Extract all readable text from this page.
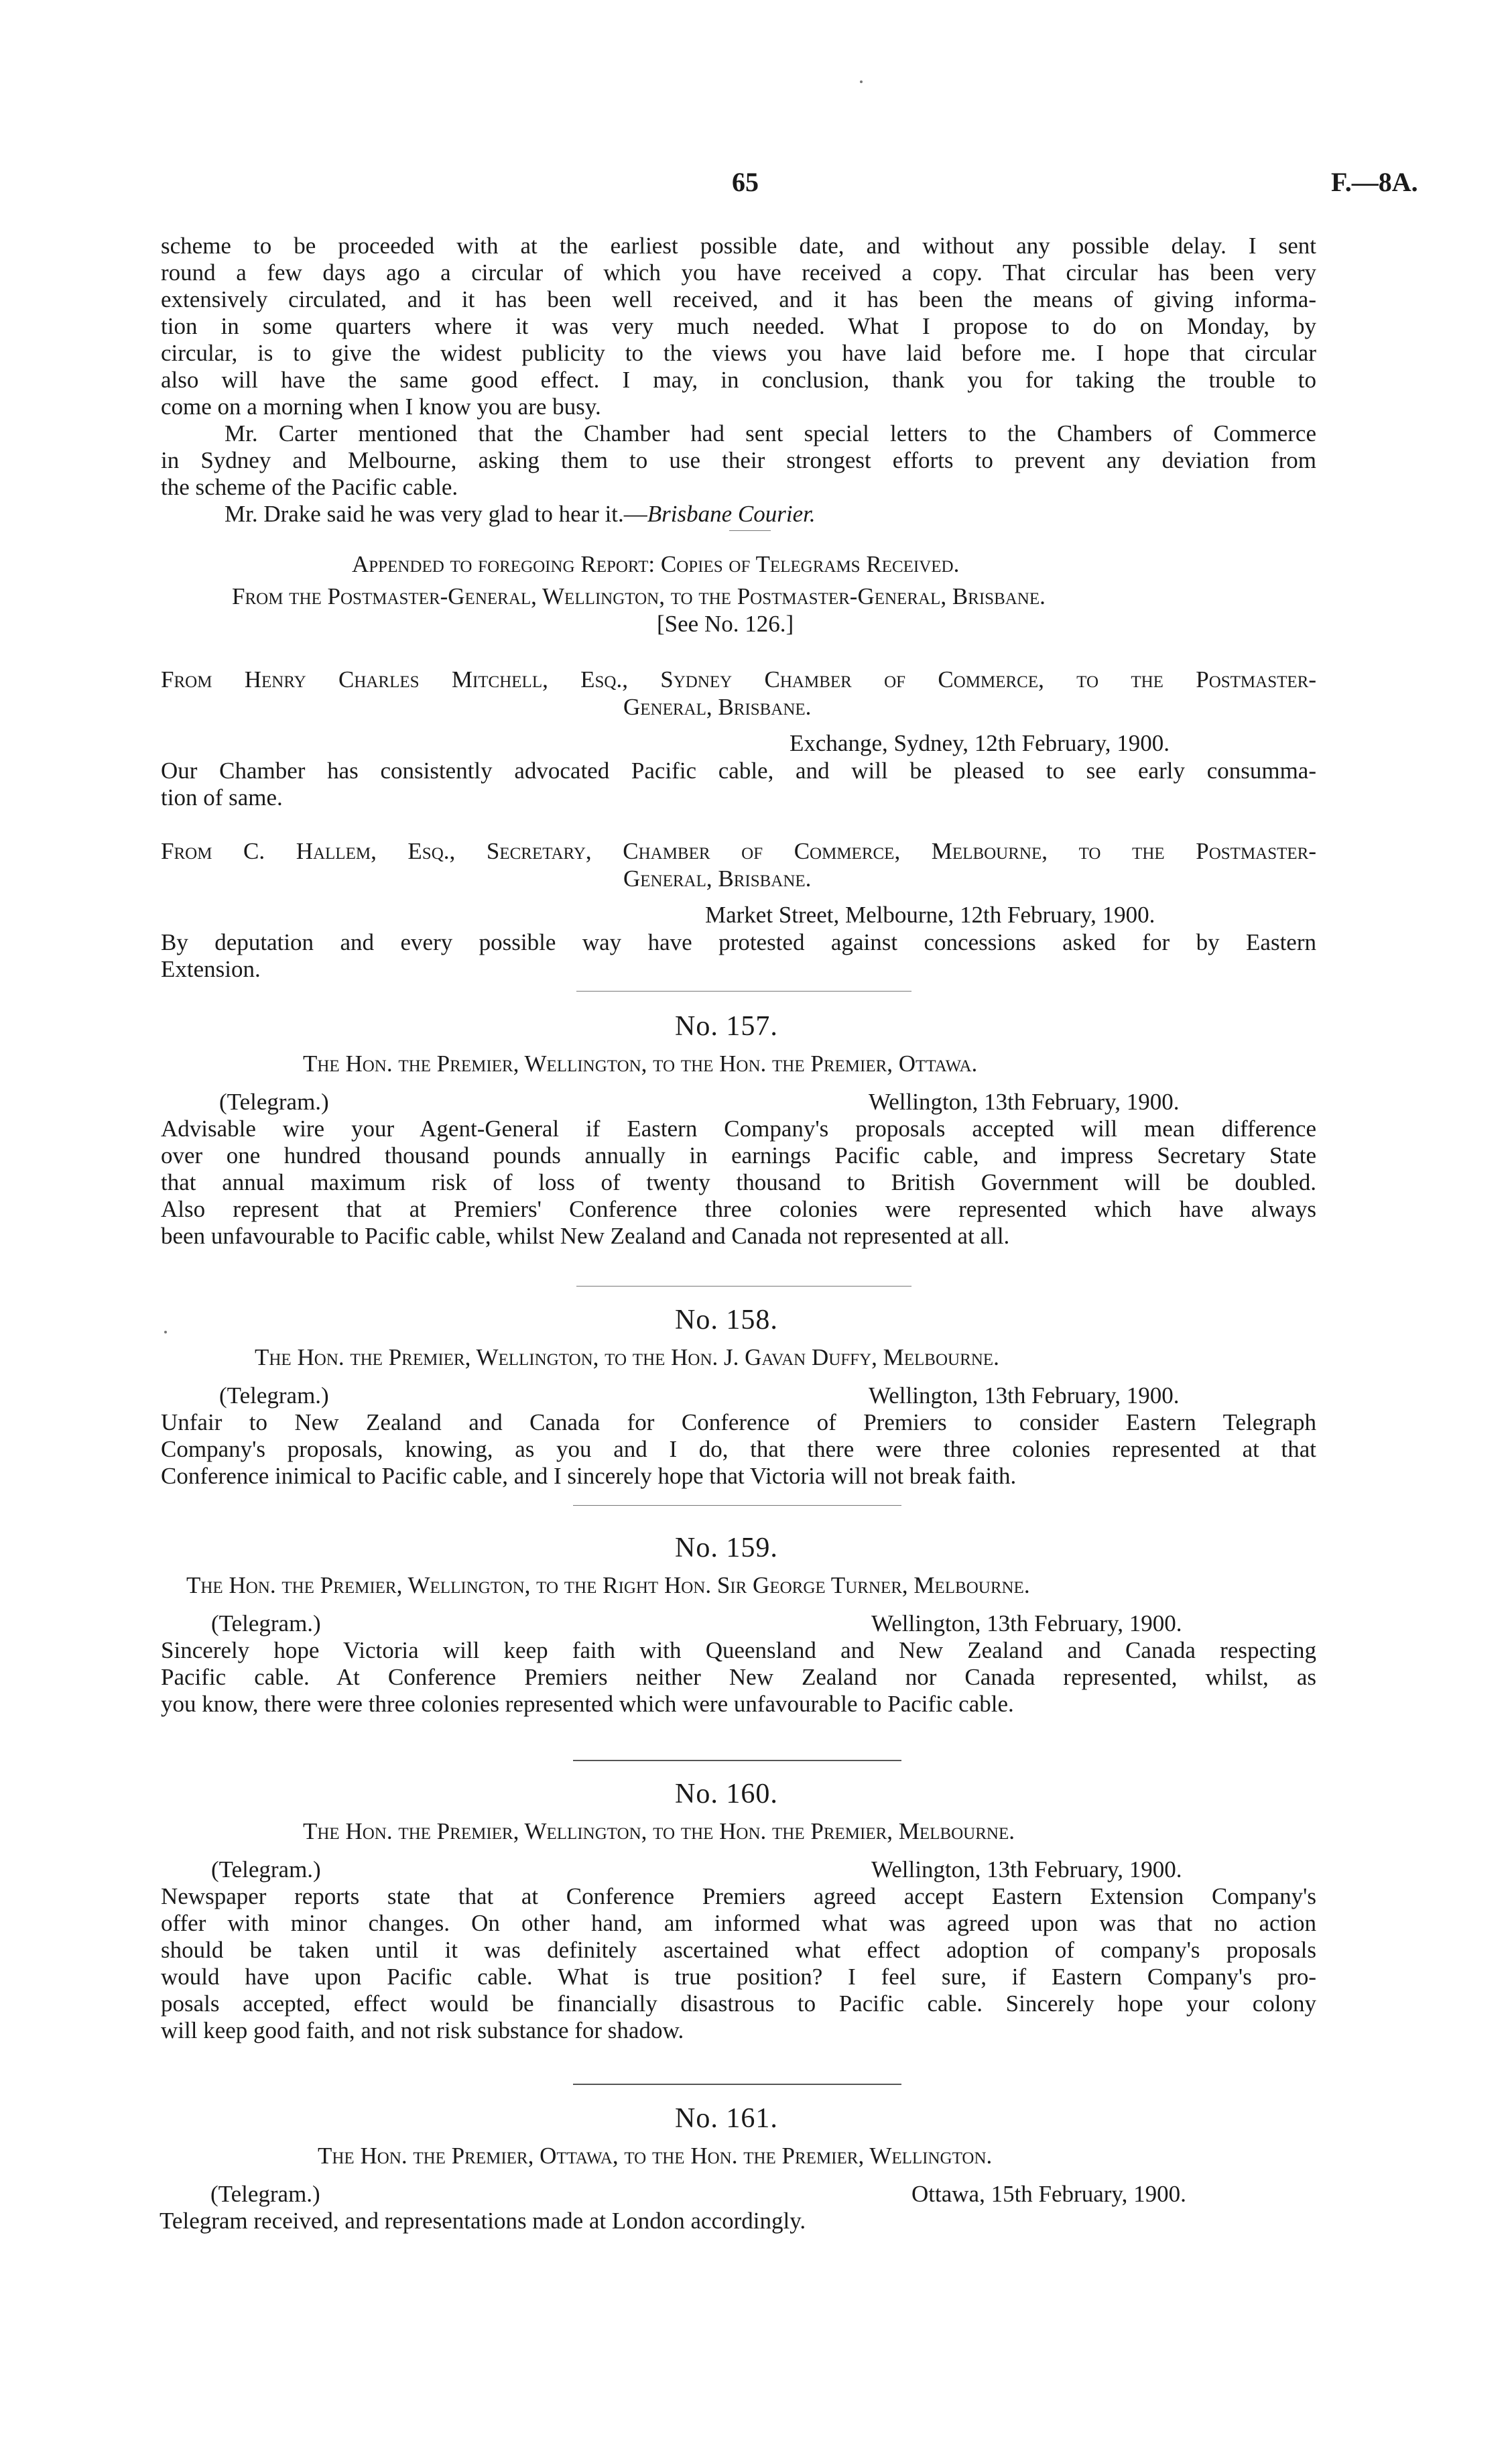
65	F.—8A.
scheme to be proceeded with at the earliest possible date, and without any possible delay. I sent
round a few days ago a circular of which you have received a copy. That circular has been very
extensively circulated, and it has been well received, and it has been the means of giving informa-
tion in some quarters where it was very much needed. What I propose to do on Monday, by
circular, is to give the widest publicity to the views you have laid before me. I hope that circular
also will have the same good effect. I may, in conclusion, thank you for taking the trouble to
come on a morning when I know you are busy.
Mr. Carter mentioned that the Chamber had sent special letters to the Chambers of Commerce
in Sydney and Melbourne, asking them to use their strongest efforts to prevent any deviation from
the scheme of the Pacific cable.
Mr. Drake said he was very glad to hear it.—Brisbane Courier.
Appended to foregoing Report: Copies of Telegrams Received.
From the Postmaster-General, Wellington, to the Postmaster-General, Brisbane.
[See No. 126.]
From Henry Charles Mitchell, Esq., Sydney Chamber of Commerce, to the Postmaster-
General, Brisbane.
Exchange, Sydney, 12th February, 1900.
Our Chamber has consistently advocated Pacific cable, and will be pleased to see early consumma-
tion of same.
From C. Hallem, Esq., Secretary, Chamber of Commerce, Melbourne, to the Postmaster-
General, Brisbane.
Market Street, Melbourne, 12th February, 1900.
By deputation and every possible way have protested against concessions asked for by Eastern
Extension.
No. 157.
The Hon. the Premier, Wellington, to the Hon. the Premier, Ottawa.
(Telegram.)	Wellington, 13th February, 1900.
Advisable wire your Agent-General if Eastern Company's proposals accepted will mean difference
over one hundred thousand pounds annually in earnings Pacific cable, and impress Secretary State
that annual maximum risk of loss of twenty thousand to British Government will be doubled.
Also represent that at Premiers' Conference three colonies were represented which have always
been unfavourable to Pacific cable, whilst New Zealand and Canada not represented at all.
No. 158.
The Hon. the Premier, Wellington, to the Hon. J. Gavan Duffy, Melbourne.
(Telegram.)	Wellington, 13th February, 1900.
Unfair to New Zealand and Canada for Conference of Premiers to consider Eastern Telegraph
Company's proposals, knowing, as you and I do, that there were three colonies represented at that
Conference inimical to Pacific cable, and I sincerely hope that Victoria will not break faith.
No. 159.
The Hon. the Premier, Wellington, to the Right Hon. Sir George Turner, Melbourne.
(Telegram.)	Wellington, 13th February, 1900.
Sincerely hope Victoria will keep faith with Queensland and New Zealand and Canada respecting
Pacific cable. At Conference Premiers neither New Zealand nor Canada represented, whilst, as
you know, there were three colonies represented which were unfavourable to Pacific cable.
No. 160.
The Hon. the Premier, Wellington, to the Hon. the Premier, Melbourne.
(Telegram.)	Wellington, 13th February, 1900.
Newspaper reports state that at Conference Premiers agreed accept Eastern Extension Company's
offer with minor changes. On other hand, am informed what was agreed upon was that no action
should be taken until it was definitely ascertained what effect adoption of company's proposals
would have upon Pacific cable. What is true position? I feel sure, if Eastern Company's pro-
posals accepted, effect would be financially disastrous to Pacific cable. Sincerely hope your colony
will keep good faith, and not risk substance for shadow.
No. 161.
The Hon. the Premier, Ottawa, to the Hon. the Premier, Wellington.
(Telegram.)	Ottawa, 15th February, 1900.
Telegram received, and representations made at London accordingly.
